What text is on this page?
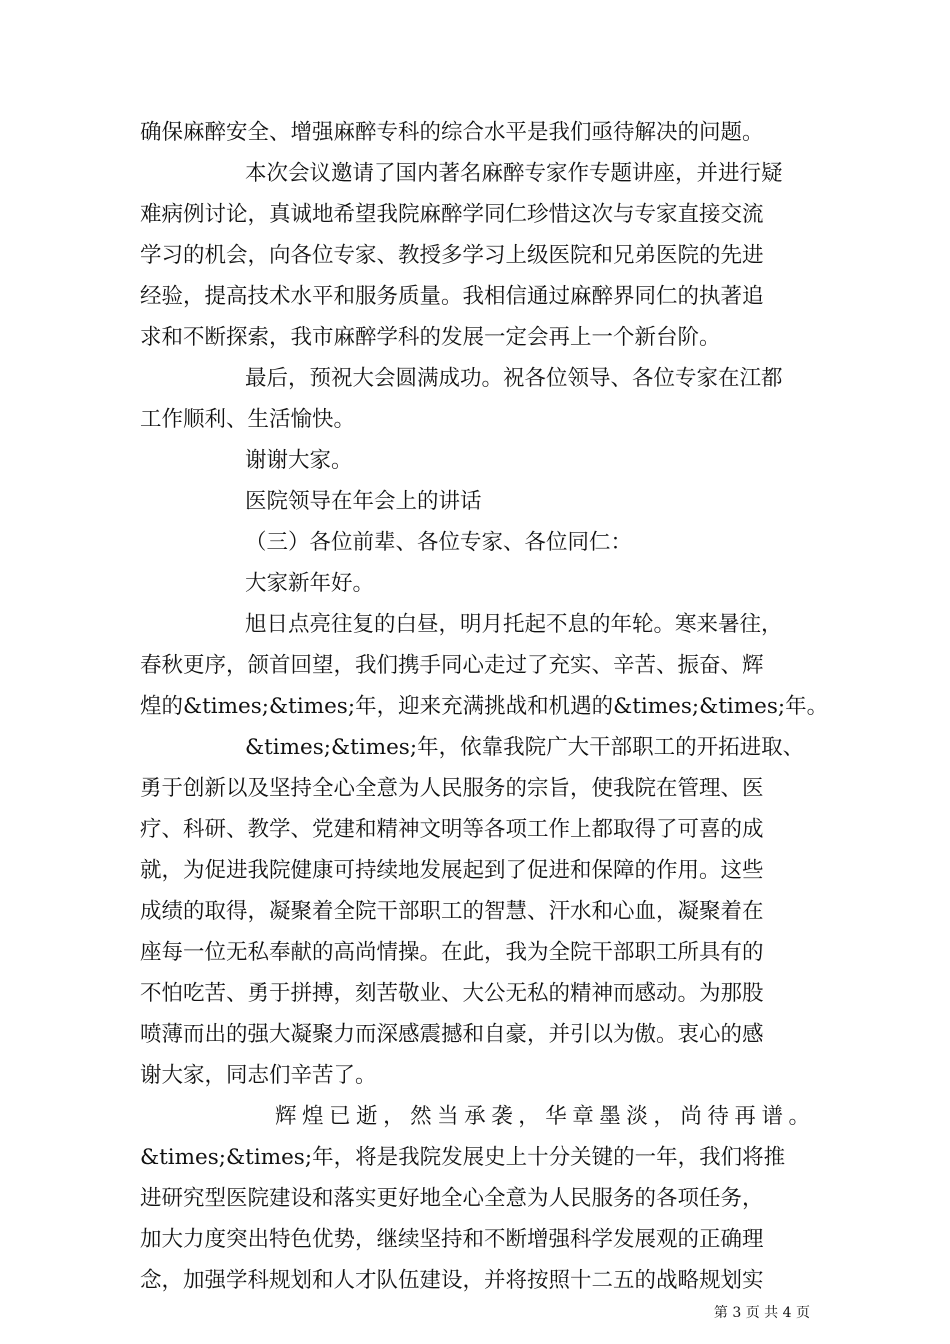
确保麻醉安全、增强麻醉专科的综合水平是我们亟待解决的问题。
本次会议邀请了国内著名麻醉专家作专题讲座，并进行疑
难病例讨论，真诚地希望我院麻醉学同仁珍惜这次与专家直接交流
学习的机会，向各位专家、教授多学习上级医院和兄弟医院的先进
经验，提高技术水平和服务质量。我相信通过麻醉界同仁的执著追
求和不断探索，我市麻醉学科的发展一定会再上一个新台阶。
最后，预祝大会圆满成功。祝各位领导、各位专家在江都
工作顺利、生活愉快。
谢谢大家。
医院领导在年会上的讲话
（三）各位前辈、各位专家、各位同仁：
大家新年好。
旭日点亮往复的白昼，明月托起不息的年轮。寒来暑往，
春秋更序，颌首回望，我们携手同心走过了充实、辛苦、振奋、辉
煌的&times;&times;年，迎来充满挑战和机遇的&times;&times;年。
&times;&times;年，依靠我院广大干部职工的开拓进取、
勇于创新以及坚持全心全意为人民服务的宗旨，使我院在管理、医
疗、科研、教学、党建和精神文明等各项工作上都取得了可喜的成
就，为促进我院健康可持续地发展起到了促进和保障的作用。这些
成绩的取得，凝聚着全院干部职工的智慧、汗水和心血，凝聚着在
座每一位无私奉献的高尚情操。在此，我为全院干部职工所具有的
不怕吃苦、勇于拼搏，刻苦敬业、大公无私的精神而感动。为那股
喷薄而出的强大凝聚力而深感震撼和自豪，并引以为傲。衷心的感
谢大家，同志们辛苦了。
辉煌已逝，然当承袭，华章墨淡，尚待再谱。
&times;&times;年，将是我院发展史上十分关键的一年，我们将推
进研究型医院建设和落实更好地全心全意为人民服务的各项任务，
加大力度突出特色优势，继续坚持和不断增强科学发展观的正确理
念，加强学科规划和人才队伍建设，并将按照十二五的战略规划实
第 3 页 共 4 页
